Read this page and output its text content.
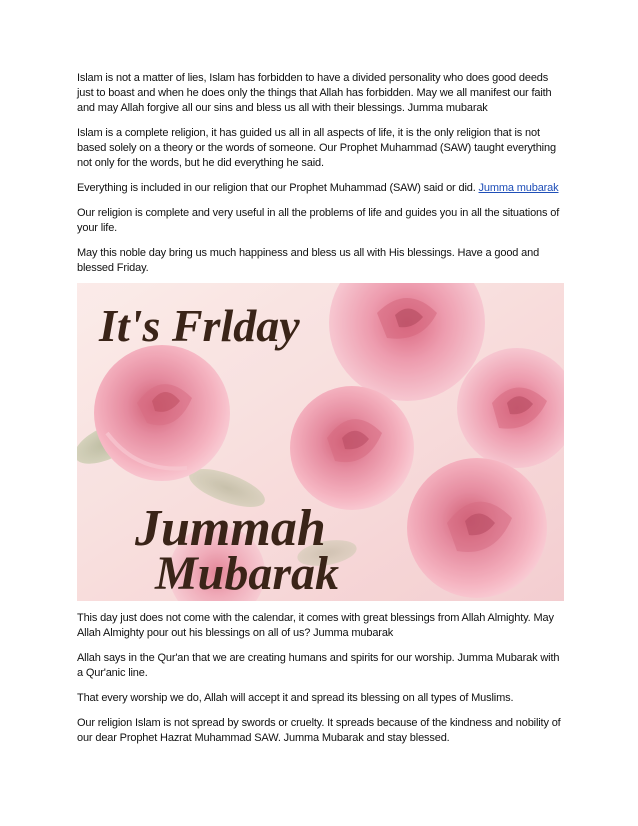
Islam is not a matter of lies, Islam has forbidden to have a divided personality who does good deeds just to boast and when he does only the things that Allah has forbidden. May we all manifest our faith and may Allah forgive all our sins and bless us all with their blessings. Jumma mubarak

Islam is a complete religion, it has guided us all in all aspects of life, it is the only religion that is not based solely on a theory or the words of someone. Our Prophet Muhammad (SAW) taught everything not only for the words, but he did everything he said.

Everything is included in our religion that our Prophet Muhammad (SAW) said or did. Jumma mubarak

Our religion is complete and very useful in all the problems of life and guides you in all the situations of your life.

May this noble day bring us much happiness and bless us all with His blessings. Have a good and blessed Friday.

It's Frlday
Jummah
Mubarak

This day just does not come with the calendar, it comes with great blessings from Allah Almighty. May Allah Almighty pour out his blessings on all of us? Jumma mubarak

Allah says in the Qur'an that we are creating humans and spirits for our worship. Jumma Mubarak with a Qur'anic line.

That every worship we do, Allah will accept it and spread its blessing on all types of Muslims.

Our religion Islam is not spread by swords or cruelty. It spreads because of the kindness and nobility of our dear Prophet Hazrat Muhammad SAW. Jumma Mubarak and stay blessed.
